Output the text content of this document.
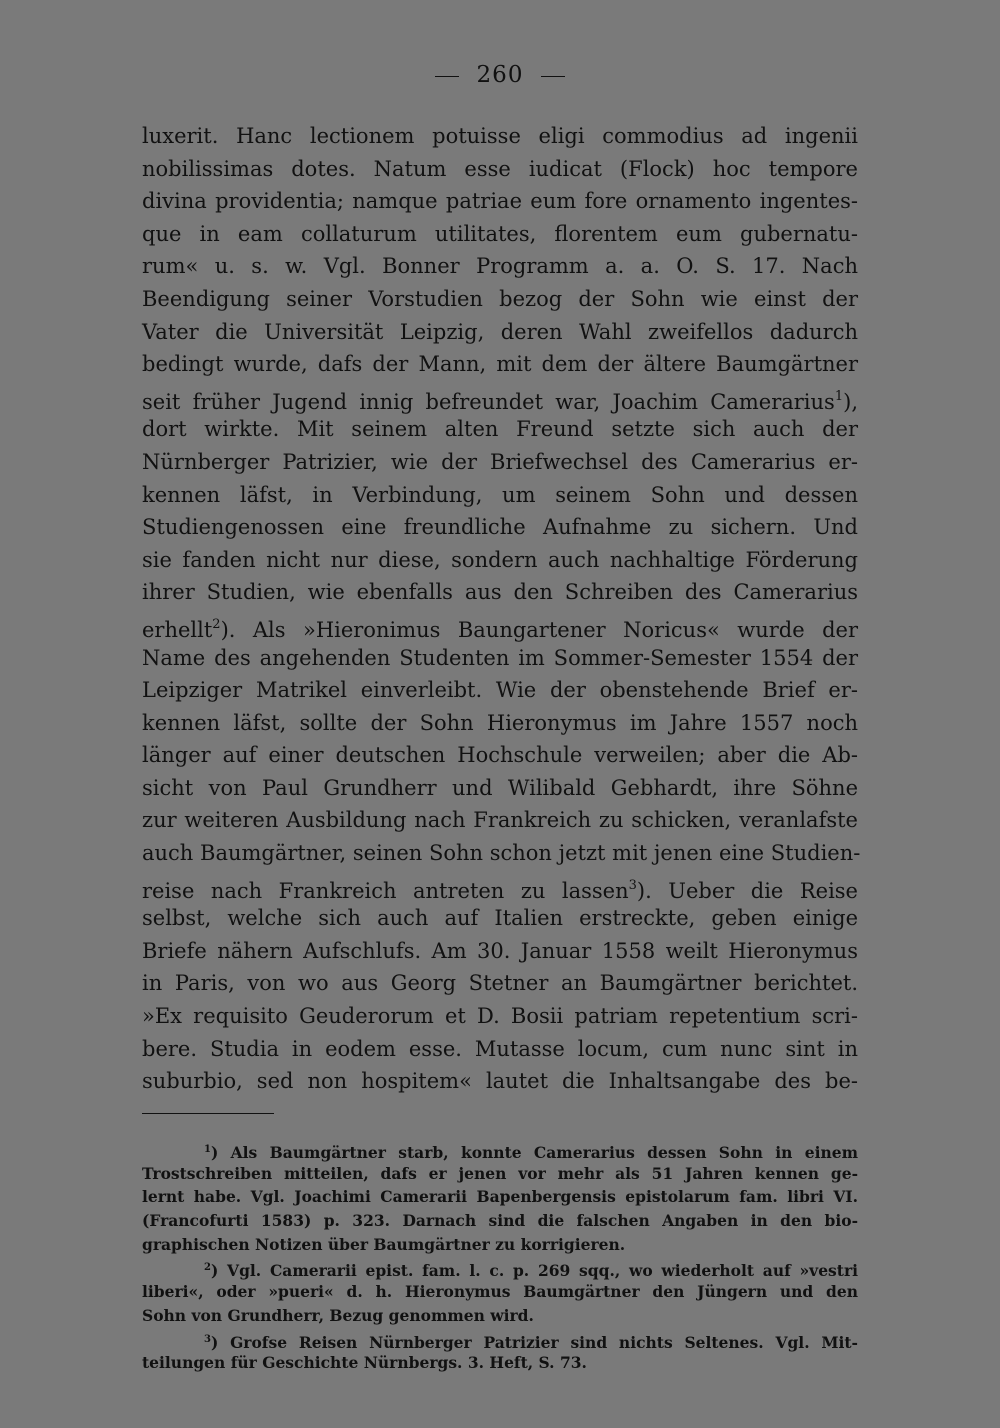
260
luxerit. Hanc lectionem potuisse eligi commodius ad ingenii
nobilissimas dotes. Natum esse iudicat (Flock) hoc tempore
divina providentia; namque patriae eum fore ornamento ingentes-
que in eam collaturum utilitates, florentem eum gubernatu-
rum« u. s. w. Vgl. Bonner Programm a. a. O. S. 17. Nach
Beendigung seiner Vorstudien bezog der Sohn wie einst der
Vater die Universität Leipzig, deren Wahl zweifellos dadurch
bedingt wurde, dafs der Mann, mit dem der ältere Baumgärtner
seit früher Jugend innig befreundet war, Joachim Camerarius$^1$),
dort wirkte. Mit seinem alten Freund setzte sich auch der
Nürnberger Patrizier, wie der Briefwechsel des Camerarius er-
kennen läfst, in Verbindung, um seinem Sohn und dessen
Studiengenossen eine freundliche Aufnahme zu sichern. Und
sie fanden nicht nur diese, sondern auch nachhaltige Förderung
ihrer Studien, wie ebenfalls aus den Schreiben des Camerarius
erhellt$^2$). Als »Hieronimus Baungartener Noricus« wurde der
Name des angehenden Studenten im Sommer-Semester 1554 der
Leipziger Matrikel einverleibt. Wie der obenstehende Brief er-
kennen läfst, sollte der Sohn Hieronymus im Jahre 1557 noch
länger auf einer deutschen Hochschule verweilen; aber die Ab-
sicht von Paul Grundherr und Wilibald Gebhardt, ihre Söhne
zur weiteren Ausbildung nach Frankreich zu schicken, veranlafste
auch Baumgärtner, seinen Sohn schon jetzt mit jenen eine Studien-
reise nach Frankreich antreten zu lassen$^3$). Ueber die Reise
selbst, welche sich auch auf Italien erstreckte, geben einige
Briefe nähern Aufschlufs. Am 30. Januar 1558 weilt Hieronymus
in Paris, von wo aus Georg Stetner an Baumgärtner berichtet.
»Ex requisito Geuderorum et D. Bosii patriam repetentium scri-
bere. Studia in eodem esse. Mutasse locum, cum nunc sint in
suburbio, sed non hospitem« lautet die Inhaltsangabe des be-
$^1$) Als Baumgärtner starb, konnte Camerarius dessen Sohn in einem
Trostschreiben mitteilen, dafs er jenen vor mehr als 51 Jahren kennen ge-
lernt habe. Vgl. Joachimi Camerarii Bapenbergensis epistolarum fam. libri VI.
(Francofurti 1583) p. 323. Darnach sind die falschen Angaben in den bio-
graphischen Notizen über Baumgärtner zu korrigieren.
$^2$) Vgl. Camerarii epist. fam. l. c. p. 269 sqq., wo wiederholt auf »vestri
liberi«, oder »pueri« d. h. Hieronymus Baumgärtner den Jüngern und den
Sohn von Grundherr, Bezug genommen wird.
$^3$) Grofse Reisen Nürnberger Patrizier sind nichts Seltenes. Vgl. Mit-
teilungen für Geschichte Nürnbergs. 3. Heft, S. 73.
